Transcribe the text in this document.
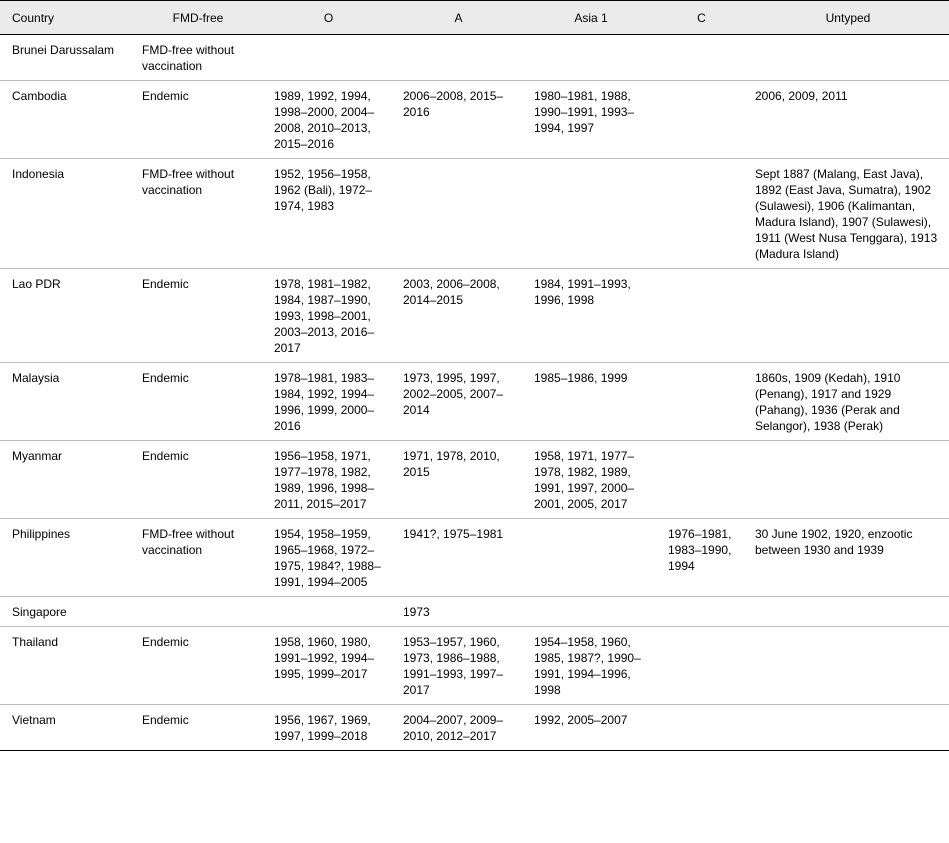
Country	FMD-free	O	A	Asia 1	C	Untyped
Brunei Darussalam	FMD-free without vaccination					
Cambodia	Endemic	1989, 1992, 1994, 1998–2000, 2004–2008, 2010–2013, 2015–2016	2006–2008, 2015–2016	1980–1981, 1988, 1990–1991, 1993–1994, 1997		2006, 2009, 2011
Indonesia	FMD-free without vaccination	1952, 1956–1958, 1962 (Bali), 1972–1974, 1983				Sept 1887 (Malang, East Java), 1892 (East Java, Sumatra), 1902 (Sulawesi), 1906 (Kalimantan, Madura Island), 1907 (Sulawesi), 1911 (West Nusa Tenggara), 1913 (Madura Island)
Lao PDR	Endemic	1978, 1981–1982, 1984, 1987–1990, 1993, 1998–2001, 2003–2013, 2016–2017	2003, 2006–2008, 2014–2015	1984, 1991–1993, 1996, 1998		
Malaysia	Endemic	1978–1981, 1983–1984, 1992, 1994–1996, 1999, 2000–2016	1973, 1995, 1997, 2002–2005, 2007–2014	1985–1986, 1999		1860s, 1909 (Kedah), 1910 (Penang), 1917 and 1929 (Pahang), 1936 (Perak and Selangor), 1938 (Perak)
Myanmar	Endemic	1956–1958, 1971, 1977–1978, 1982, 1989, 1996, 1998–2011, 2015–2017	1971, 1978, 2010, 2015	1958, 1971, 1977–1978, 1982, 1989, 1991, 1997, 2000–2001, 2005, 2017		
Philippines	FMD-free without vaccination	1954, 1958–1959, 1965–1968, 1972–1975, 1984?, 1988–1991, 1994–2005	1941?, 1975–1981		1976–1981, 1983–1990, 1994	30 June 1902, 1920, enzootic between 1930 and 1939
Singapore			1973			
Thailand	Endemic	1958, 1960, 1980, 1991–1992, 1994–1995, 1999–2017	1953–1957, 1960, 1973, 1986–1988, 1991–1993, 1997–2017	1954–1958, 1960, 1985, 1987?, 1990–1991, 1994–1996, 1998		
Vietnam	Endemic	1956, 1967, 1969, 1997, 1999–2018	2004–2007, 2009–2010, 2012–2017	1992, 2005–2007		
